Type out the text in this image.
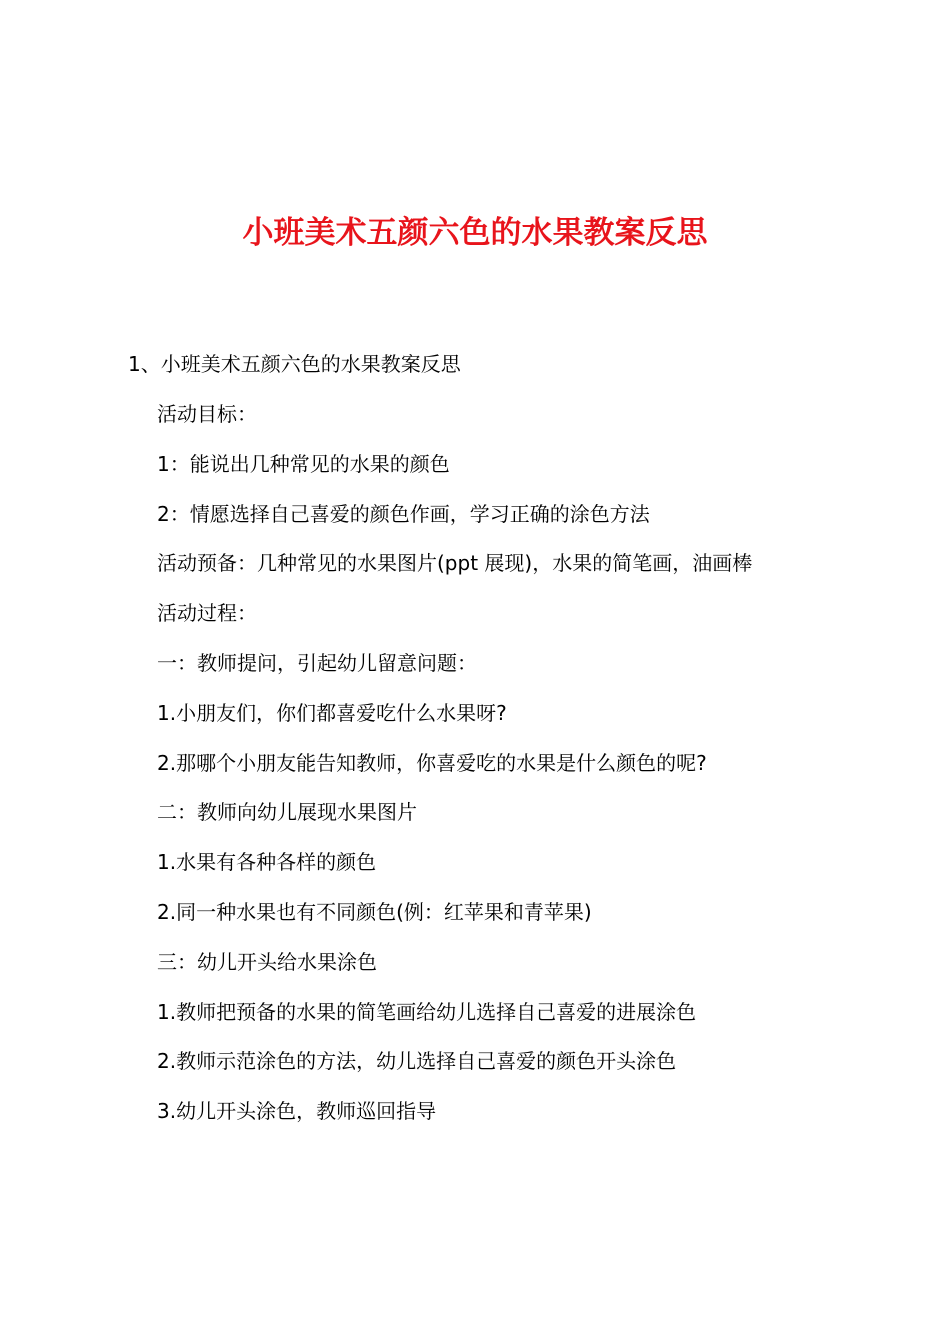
小班美术五颜六色的水果教案反思
1、小班美术五颜六色的水果教案反思
活动目标：
1：能说出几种常见的水果的颜色
2：情愿选择自己喜爱的颜色作画，学习正确的涂色方法
活动预备：几种常见的水果图片(ppt 展现)，水果的简笔画，油画棒
活动过程：
一：教师提问，引起幼儿留意问题：
1.小朋友们，你们都喜爱吃什么水果呀?
2.那哪个小朋友能告知教师，你喜爱吃的水果是什么颜色的呢?
二：教师向幼儿展现水果图片
1.水果有各种各样的颜色
2.同一种水果也有不同颜色(例：红苹果和青苹果)
三：幼儿开头给水果涂色
1.教师把预备的水果的简笔画给幼儿选择自己喜爱的进展涂色
2.教师示范涂色的方法，幼儿选择自己喜爱的颜色开头涂色
3.幼儿开头涂色，教师巡回指导
